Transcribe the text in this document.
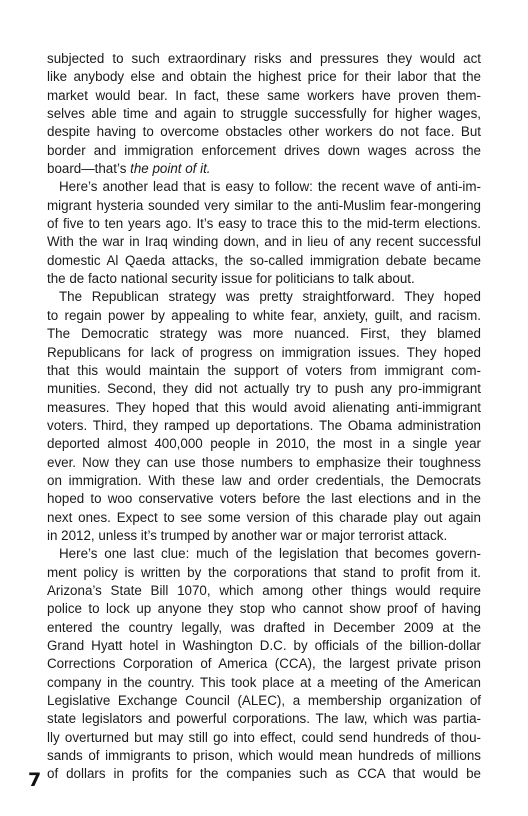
subjected to such extraordinary risks and pressures they would act
like anybody else and obtain the highest price for their labor that the
market would bear. In fact, these same workers have proven them-
selves able time and again to struggle successfully for higher wages,
despite having to overcome obstacles other workers do not face. But
border and immigration enforcement drives down wages across the
board—that’s the point of it.
Here’s another lead that is easy to follow: the recent wave of anti-im-
migrant hysteria sounded very similar to the anti-Muslim fear-mongering
of five to ten years ago. It’s easy to trace this to the mid-term elections.
With the war in Iraq winding down, and in lieu of any recent successful
domestic Al Qaeda attacks, the so-called immigration debate became
the de facto national security issue for politicians to talk about.
The Republican strategy was pretty straightforward. They hoped
to regain power by appealing to white fear, anxiety, guilt, and racism.
The Democratic strategy was more nuanced. First, they blamed
Republicans for lack of progress on immigration issues. They hoped
that this would maintain the support of voters from immigrant com-
munities. Second, they did not actually try to push any pro-immigrant
measures. They hoped that this would avoid alienating anti-immigrant
voters. Third, they ramped up deportations. The Obama administration
deported almost 400,000 people in 2010, the most in a single year
ever. Now they can use those numbers to emphasize their toughness
on immigration. With these law and order credentials, the Democrats
hoped to woo conservative voters before the last elections and in the
next ones. Expect to see some version of this charade play out again
in 2012, unless it’s trumped by another war or major terrorist attack.
Here’s one last clue: much of the legislation that becomes govern-
ment policy is written by the corporations that stand to profit from it.
Arizona’s State Bill 1070, which among other things would require
police to lock up anyone they stop who cannot show proof of having
entered the country legally, was drafted in December 2009 at the
Grand Hyatt hotel in Washington D.C. by officials of the billion-dollar
Corrections Corporation of America (CCA), the largest private prison
company in the country. This took place at a meeting of the American
Legislative Exchange Council (ALEC), a membership organization of
state legislators and powerful corporations. The law, which was partia-
lly overturned but may still go into effect, could send hundreds of thou-
sands of immigrants to prison, which would mean hundreds of millions
of dollars in profits for the companies such as CCA that would be
7
